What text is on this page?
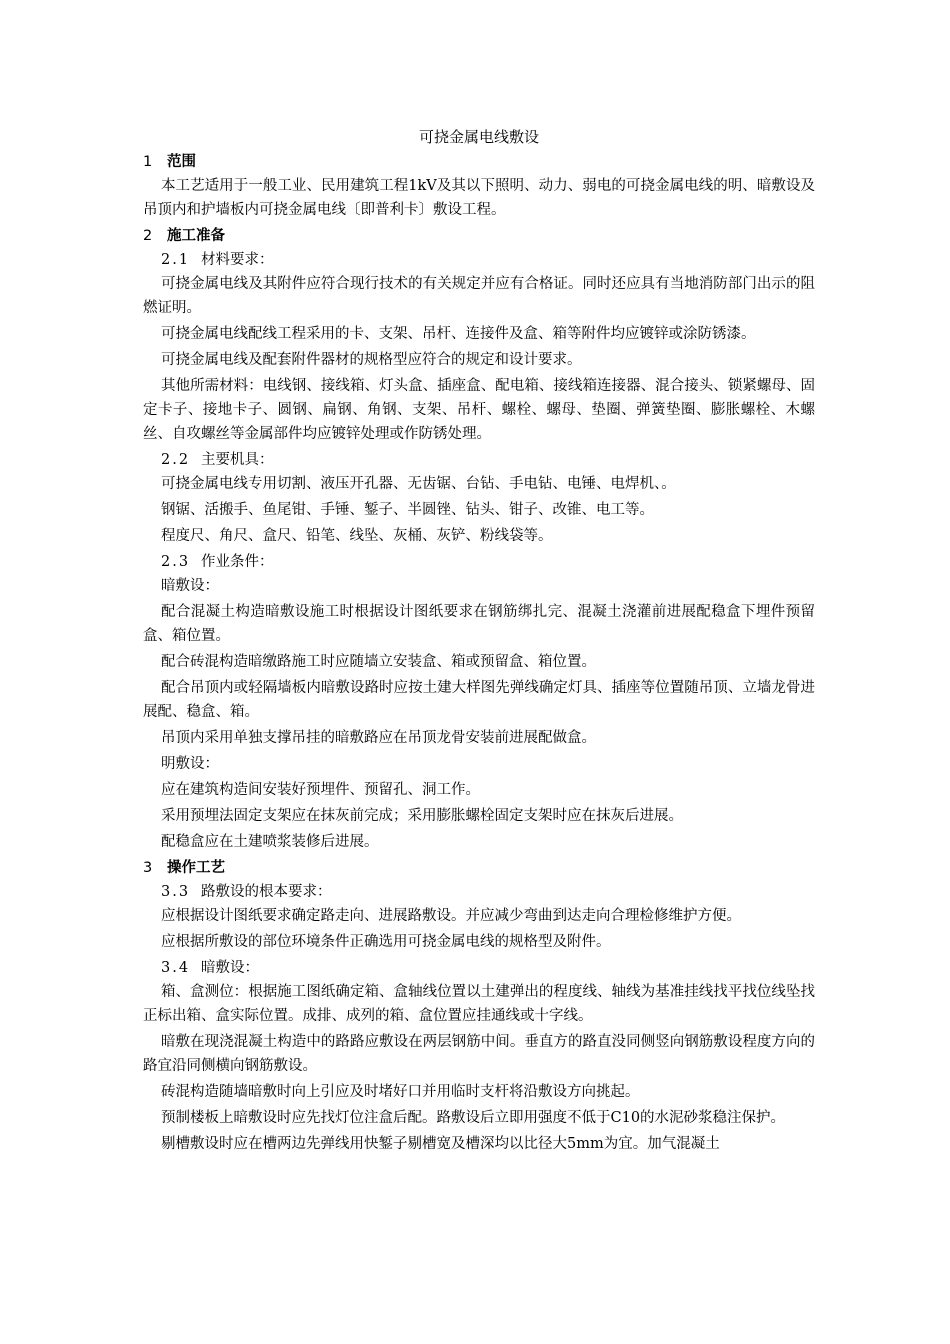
可挠金属电线敷设
1 范围
本工艺适用于一般工业、民用建筑工程1kV及其以下照明、动力、弱电的可挠金属电线的明、暗敷设及吊顶内和护墙板内可挠金属电线〔即普利卡〕敷设工程。
2 施工准备
2.1 材料要求：
可挠金属电线及其附件应符合现行技术的有关规定并应有合格证。同时还应具有当地消防部门出示的阻燃证明。
可挠金属电线配线工程采用的卡、支架、吊杆、连接件及盒、箱等附件均应镀锌或涂防锈漆。
可挠金属电线及配套附件器材的规格型应符合的规定和设计要求。
其他所需材料：电线钢、接线箱、灯头盒、插座盒、配电箱、接线箱连接器、混合接头、锁紧螺母、固定卡子、接地卡子、圆钢、扁钢、角钢、支架、吊杆、螺栓、螺母、垫圈、弹簧垫圈、膨胀螺栓、木螺丝、自攻螺丝等金属部件均应镀锌处理或作防锈处理。
2.2 主要机具：
可挠金属电线专用切割、液压开孔器、无齿锯、台钻、手电钻、电锤、电焊机、。
钢锯、活搬手、鱼尾钳、手锤、錾子、半圆锉、钻头、钳子、改锥、电工等。
程度尺、角尺、盒尺、铅笔、线坠、灰桶、灰铲、粉线袋等。
2.3 作业条件：
暗敷设：
配合混凝土构造暗敷设施工时根据设计图纸要求在钢筋绑扎完、混凝土浇灌前进展配稳盒下埋件预留盒、箱位置。
配合砖混构造暗缴路施工时应随墙立安装盒、箱或预留盒、箱位置。
配合吊顶内或轻隔墙板内暗敷设路时应按土建大样图先弹线确定灯具、插座等位置随吊顶、立墙龙骨进展配、稳盒、箱。
吊顶内采用单独支撑吊挂的暗敷路应在吊顶龙骨安装前进展配做盒。
明敷设：
应在建筑构造间安装好预埋件、预留孔、洞工作。
采用预埋法固定支架应在抹灰前完成；采用膨胀螺栓固定支架时应在抹灰后进展。
配稳盒应在土建喷浆装修后进展。
3 操作工艺
3.3 路敷设的根本要求：
应根据设计图纸要求确定路走向、进展路敷设。并应减少弯曲到达走向合理检修维护方便。
应根据所敷设的部位环境条件正确选用可挠金属电线的规格型及附件。
3.4 暗敷设：
箱、盒测位：根据施工图纸确定箱、盒轴线位置以土建弹出的程度线、轴线为基准挂线找平找位线坠找正标出箱、盒实际位置。成排、成列的箱、盒位置应挂通线或十字线。
暗敷在现浇混凝土构造中的路路应敷设在两层钢筋中间。垂直方的路直没同侧竖向钢筋敷设程度方向的路宜沿同侧横向钢筋敷设。
砖混构造随墙暗敷时向上引应及时堵好口并用临时支杆将沿敷设方向挑起。
预制楼板上暗敷设时应先找灯位注盒后配。路敷设后立即用强度不低于C10的水泥砂浆稳注保护。
剔槽敷设时应在槽两边先弹线用快錾子剔槽宽及槽深均以比径大5mm为宜。加气混凝土
